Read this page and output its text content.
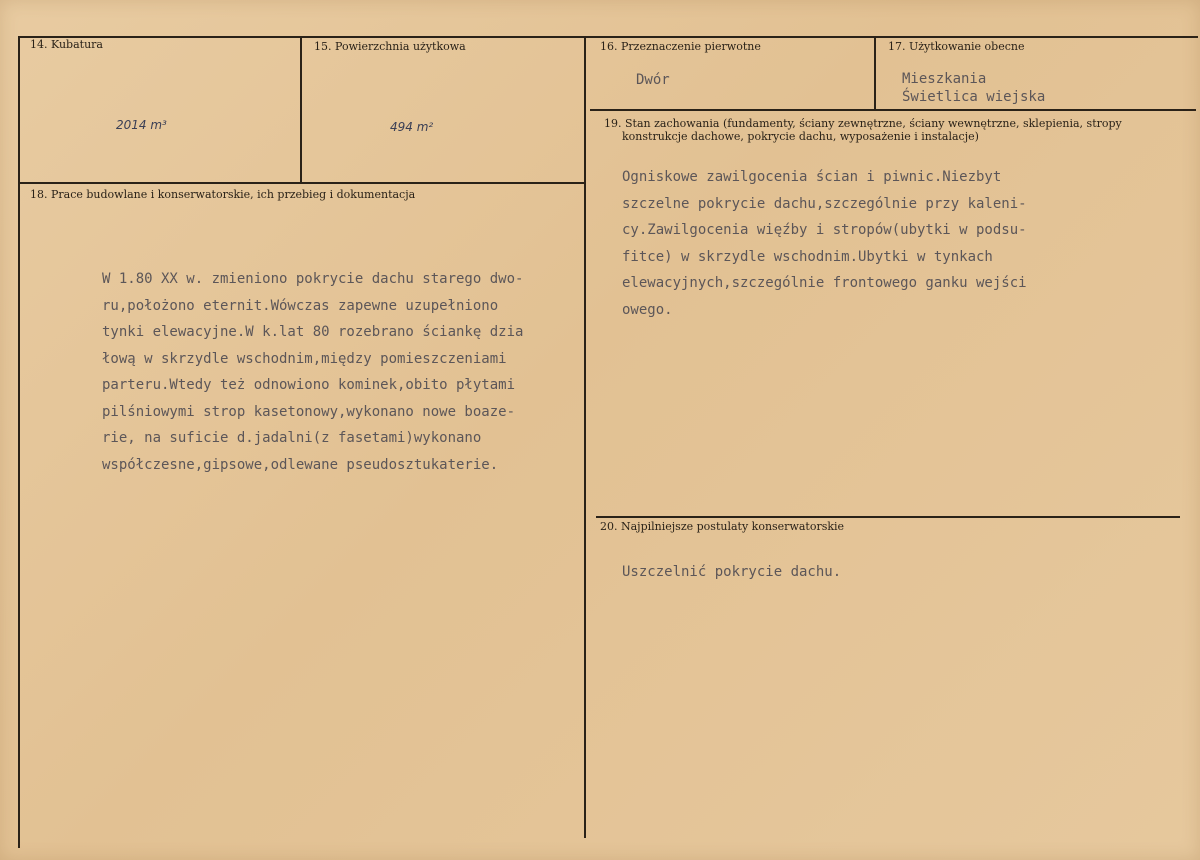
14. Kubatura
2014 m³
15. Powierzchnia użytkowa
494 m²
16. Przeznaczenie pierwotne
Dwór
17. Użytkowanie obecne
Mieszkania
Świetlica wiejska
18. Prace budowlane i konserwatorskie, ich przebieg i dokumentacja
W 1.80 XX w. zmieniono pokrycie dachu starego dwo-
ru,położono eternit.Wówczas zapewne uzupełniono
tynki elewacyjne.W k.lat 80 rozebrano ściankę dzia
łową w skrzydle wschodnim,między pomieszczeniami
parteru.Wtedy też odnowiono kominek,obito płytami
pilśniowymi strop kasetonowy,wykonano nowe boaze-
rie, na suficie d.jadalni(z fasetami)wykonano
współczesne,gipsowe,odlewane pseudosztukaterie.
19. Stan zachowania (fundamenty, ściany zewnętrzne, ściany wewnętrzne, sklepienia, stropy
konstrukcje dachowe, pokrycie dachu, wyposażenie i instalacje)
Ogniskowe zawilgocenia ścian i piwnic.Niezbyt
szczelne pokrycie dachu,szczególnie przy kaleni-
cy.Zawilgocenia więźby i stropów(ubytki w podsu-
fitce) w skrzydle wschodnim.Ubytki w tynkach
elewacyjnych,szczególnie frontowego ganku wejści
owego.
20. Najpilniejsze postulaty konserwatorskie
Uszczelnić pokrycie dachu.
